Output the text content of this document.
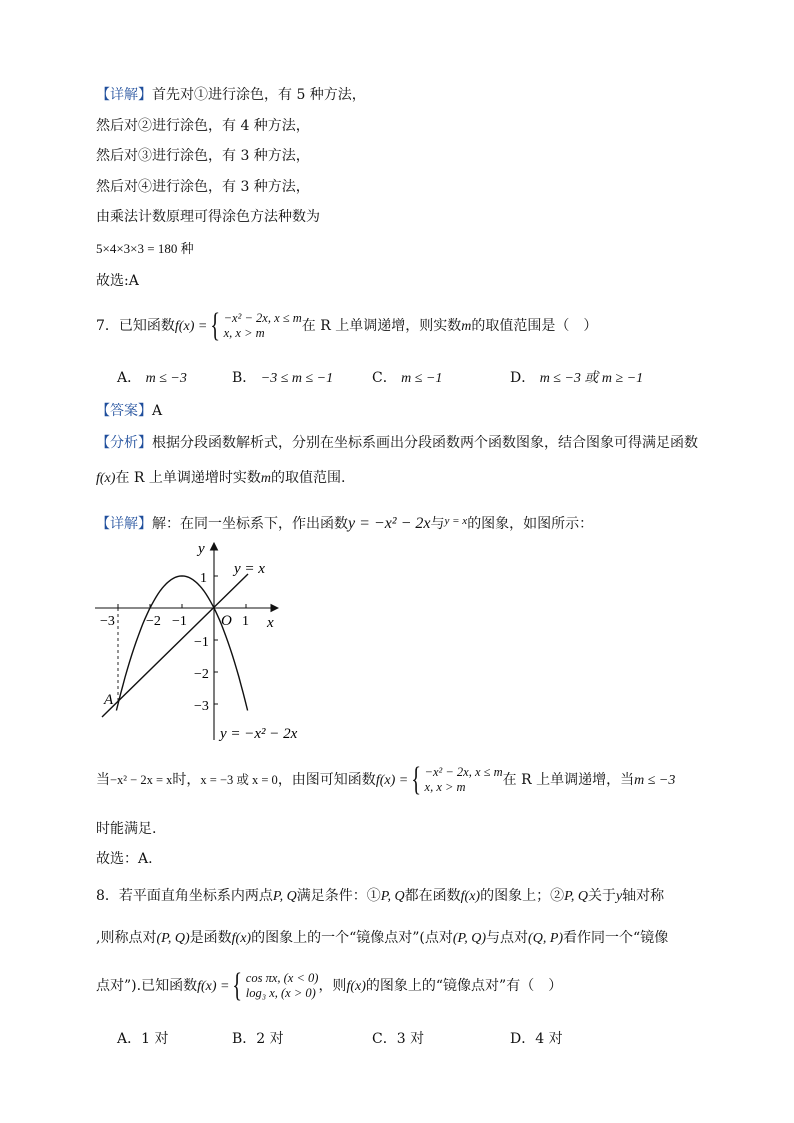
【详解】首先对①进行涂色，有 5 种方法，
然后对②进行涂色，有 4 种方法，
然后对③进行涂色，有 3 种方法，
然后对④进行涂色，有 3 种方法，
由乘法计数原理可得涂色方法种数为
5×4×3×3 = 180 种
故选:A
7．已知函数f(x) = { −x² − 2x, x ≤ m
x, x > m	在 R 上单调递增，则实数m的取值范围是（　）
A． m ≤ −3	B． −3 ≤ m ≤ −1	C． m ≤ −1	D． m ≤ −3 或 m ≥ −1
【答案】A
【分析】根据分段函数解析式，分别在坐标系画出分段函数两个函数图象，结合图象可得满足函数
f(x)在 R 上单调递增时实数m的取值范围.
【详解】解：在同一坐标系下，作出函数y = −x² − 2x与$^{y = x}$的图象，如图所示：
y
x
O
y = x
y = −x² − 2x
A
−3 −2 −1	1
1
−1
−2
−3
当−x² − 2x = x时，x = −3 或 x = 0，由图可知函数f(x) = { −x² − 2x, x ≤ m
x, x > m	在 R 上单调递增，当m ≤ −3
时能满足.
故选：A.
8．若平面直角坐标系内两点P, Q满足条件：①P, Q都在函数f(x)的图象上；②P, Q关于y轴对称
,则称点对(P, Q)是函数f(x)的图象上的一个“镜像点对”(点对(P, Q)与点对(Q, P)看作同一个“镜像
点对”).已知函数f(x) = { cos πx, (x < 0)
log₃ x, (x > 0) ，则f(x)的图象上的“镜像点对”有（　）
A．1 对	B．2 对	C．3 对	D．4 对
